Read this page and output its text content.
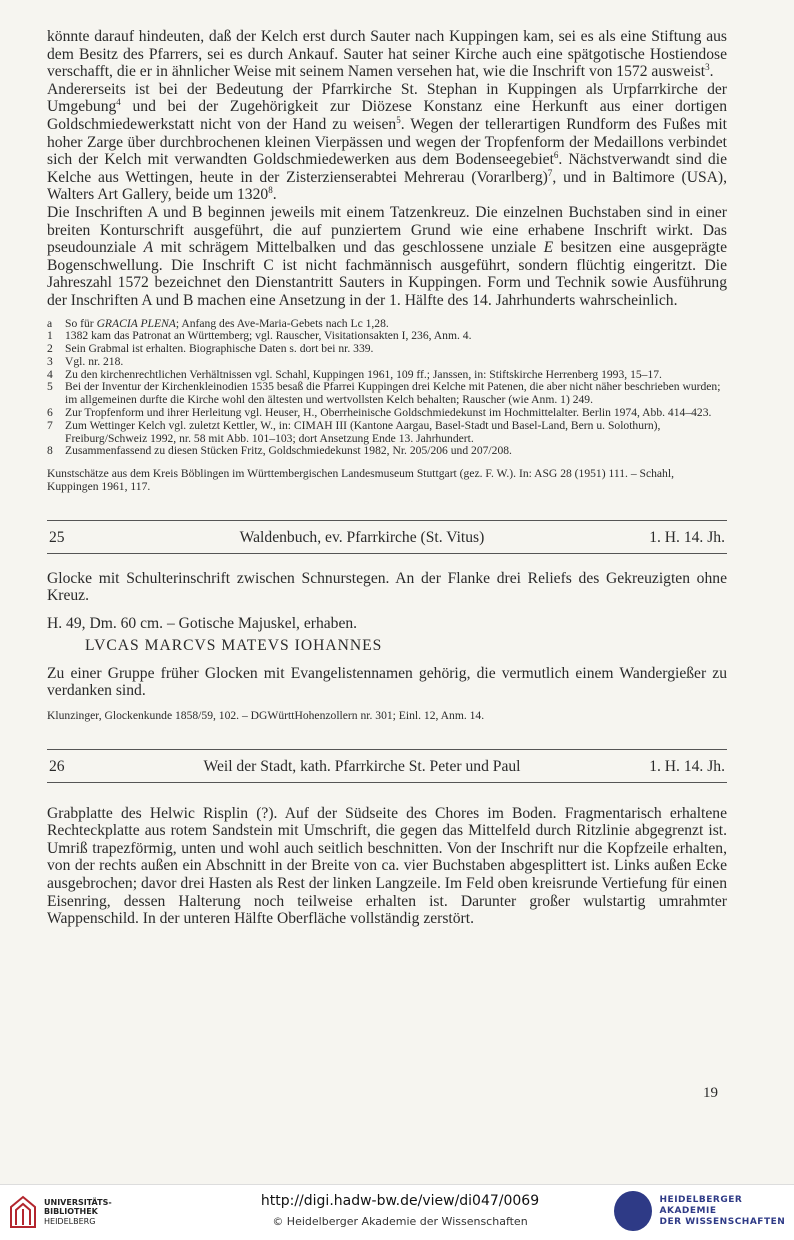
könnte darauf hindeuten, daß der Kelch erst durch Sauter nach Kuppingen kam, sei es als eine Stiftung aus dem Besitz des Pfarrers, sei es durch Ankauf. Sauter hat seiner Kirche auch eine spätgotische Hostiendose verschafft, die er in ähnlicher Weise mit seinem Namen versehen hat, wie die Inschrift von 1572 ausweist$^3$.

Andererseits ist bei der Bedeutung der Pfarrkirche St. Stephan in Kuppingen als Urpfarrkirche der Umgebung$^4$ und bei der Zugehörigkeit zur Diözese Konstanz eine Herkunft aus einer dortigen Goldschmiedewerkstatt nicht von der Hand zu weisen$^5$. Wegen der tellerartigen Rundform des Fußes mit hoher Zarge über durchbrochenen kleinen Vierpässen und wegen der Tropfenform der Medaillons verbindet sich der Kelch mit verwandten Goldschmiedewerken aus dem Bodenseegebiet$^6$. Nächstverwandt sind die Kelche aus Wettingen, heute in der Zisterzienserabtei Mehrerau (Vorarlberg)$^7$, und in Baltimore (USA), Walters Art Gallery, beide um 1320$^8$.

Die Inschriften A und B beginnen jeweils mit einem Tatzenkreuz. Die einzelnen Buchstaben sind in einer breiten Konturschrift ausgeführt, die auf punziertem Grund wie eine erhabene Inschrift wirkt. Das pseudounziale A mit schrägem Mittelbalken und das geschlossene unziale E besitzen eine ausgeprägte Bogenschwellung. Die Inschrift C ist nicht fachmännisch ausgeführt, sondern flüchtig eingeritzt. Die Jahreszahl 1572 bezeichnet den Dienstantritt Sauters in Kuppingen. Form und Technik sowie Ausführung der Inschriften A und B machen eine Ansetzung in der 1. Hälfte des 14. Jahrhunderts wahrscheinlich.

a	So für GRACIA PLENA; Anfang des Ave-Maria-Gebets nach Lc 1,28.
1	1382 kam das Patronat an Württemberg; vgl. Rauscher, Visitationsakten I, 236, Anm. 4.
2	Sein Grabmal ist erhalten. Biographische Daten s. dort bei nr. 339.
3	Vgl. nr. 218.
4	Zu den kirchenrechtlichen Verhältnissen vgl. Schahl, Kuppingen 1961, 109 ff.; Janssen, in: Stiftskirche Herrenberg 1993, 15–17.
5	Bei der Inventur der Kirchenkleinodien 1535 besaß die Pfarrei Kuppingen drei Kelche mit Patenen, die aber nicht näher beschrieben wurden; im allgemeinen durfte die Kirche wohl den ältesten und wertvollsten Kelch behalten; Rauscher (wie Anm. 1) 249.
6	Zur Tropfenform und ihrer Herleitung vgl. Heuser, H., Oberrheinische Goldschmiedekunst im Hochmittelalter. Berlin 1974, Abb. 414–423.
7	Zum Wettinger Kelch vgl. zuletzt Kettler, W., in: CIMAH III (Kantone Aargau, Basel-Stadt und Basel-Land, Bern u. Solothurn), Freiburg/Schweiz 1992, nr. 58 mit Abb. 101–103; dort Ansetzung Ende 13. Jahrhundert.
8	Zusammenfassend zu diesen Stücken Fritz, Goldschmiedekunst 1982, Nr. 205/206 und 207/208.
Kunstschätze aus dem Kreis Böblingen im Württembergischen Landesmuseum Stuttgart (gez. F. W.). In: ASG 28 (1951) 111. – Schahl, Kuppingen 1961, 117.
25	Waldenbuch, ev. Pfarrkirche (St. Vitus)	1. H. 14. Jh.

Glocke mit Schulterinschrift zwischen Schnurstegen. An der Flanke drei Reliefs des Gekreuzigten ohne Kreuz.

H. 49, Dm. 60 cm. – Gotische Majuskel, erhaben.

LVCAS MARCVS MATEVS IOHANNES

Zu einer Gruppe früher Glocken mit Evangelistennamen gehörig, die vermutlich einem Wandergießer zu verdanken sind.

Klunzinger, Glockenkunde 1858/59, 102. – DGWürttHohenzollern nr. 301; Einl. 12, Anm. 14.
26	Weil der Stadt, kath. Pfarrkirche St. Peter und Paul	1. H. 14. Jh.

Grabplatte des Helwic Risplin (?). Auf der Südseite des Chores im Boden. Fragmentarisch erhaltene Rechteckplatte aus rotem Sandstein mit Umschrift, die gegen das Mittelfeld durch Ritzlinie abgegrenzt ist. Umriß trapezförmig, unten und wohl auch seitlich beschnitten. Von der Inschrift nur die Kopfzeile erhalten, von der rechts außen ein Abschnitt in der Breite von ca. vier Buchstaben abgesplittert ist. Links außen Ecke ausgebrochen; davor drei Hasten als Rest der linken Langzeile. Im Feld oben kreisrunde Vertiefung für einen Eisenring, dessen Halterung noch teilweise erhalten ist. Darunter großer wulstartig umrahmter Wappenschild. In der unteren Hälfte Oberfläche vollständig zerstört.

19
UNIVERSITÄTS-
BIBLIOTHEK
HEIDELBERG
http://digi.hadw-bw.de/view/di047/0069
© Heidelberger Akademie der Wissenschaften
HEIDELBERGER AKADEMIE
DER WISSENSCHAFTEN
